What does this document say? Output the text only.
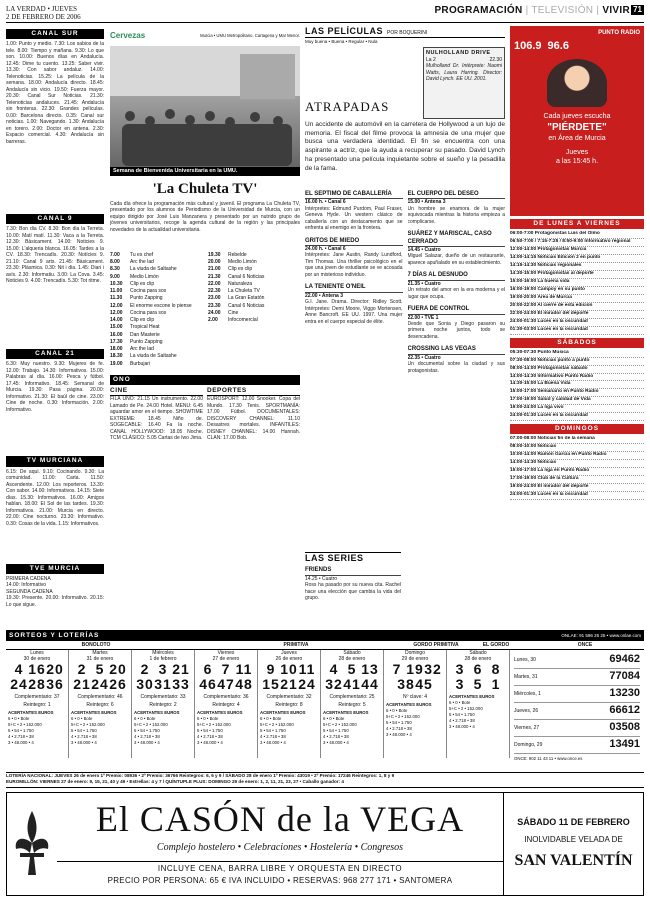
LA VERDAD • JUEVES
2 DE FEBRERO DE 2006
PROGRAMACIÓN | TELEVISIÓN | VIVIR 71
CANAL SUR
1.00: Punto y medio. 7.30: Los sabios de la tele. 8.00: Tiempo y mañana. 9.30: Lo que son. 10.00: Buenos días en Andalucía. 12.45: Dime tu cuento. 13.25: Saber vivir. 13.30: Con sabor andaluz. 14.00: Telenoticias. 15.25: La película de la semana. 18.00: Andalucía directo. 18.45: Andalucía sin vicio. 19.50: Fuerza mayor. 20.30: Canal Sur Noticias. 21.30: Telenoticias andaluces. 21.45: Andalucía sin fronteras. 22.30: Grandes películas. 0.00: Barcelona directo. 0.35: Canal sur noticias. 1.00: Navegando. 1.30: Andalucía en torero. 2.00: Doctor en antena. 2.30: Espacio comercial. 4.30: Andalucía sin barreras.
CANAL 9
7.30: Bon dia CV. 8.30: Bon dia la Terreta. 10.00: Matí matí. 11.30: Vaca a la Terreta. 12.30: Bàsicament. 14.00: Noticies 9. 15.00: L'alqueria blanca. 16.05: Tardes a la CV. 18.30: Trencadís. 20.30: Notícies 9. 21.10: Canal 9 arts. 21.45: Bàsicament. 23.30: Plàsmica. 0.30: Nit i dia. 1.45: Diari i avís. 2.30: Informatiu. 3.00: La Cova. 3.45: Noticies 9. 4.00: Trencadís. 5.30: Tot ritme.
CANAL 21
6.30: Muy nuestro. 9.30: Mujeres de fe. 12.00: Trabajo. 14.30: Informativos. 15.00: Palabras al día. 16.00: Pesca y fútbol. 17.45: Informativo. 18.45: Semanal de Murcia. 19.30: Pasa página. 20.00: Informativo. 21.30: El baúl de cine. 23.00: Cine de noche. 0.30: Información. 2.00: Informativo.
TV MURCIANA
6.15: De aquí. 9.10: Cocinando. 9.30: La comunidad. 11.00: Carta. 11.50: Ascendente. 12.00: Los reporteros. 13.30: Con sabor. 14.00: Informativos. 14.15: Siete días. 15.30: Informativos. 16.00: Amigos hablan. 18.00: El Sol de las tardes. 19.30: Informativos. 21.00: Murcia en directo. 22.00: Cine nocturno. 23.30: Informativo. 0.30: Cosas de la vida. 1.15: Informativos.
TVE MURCIA
PRIMERA CADENA
14.00: Informativo
SEGUNDA CADENA
19.30: Presente. 20.00: Informativo. 20.15: Lo que sigue.
Cervezas	Murcia • UMU Metropolitano. Cartagena y Mar Menor.
Semana de Bienvenida Universitaria en la UMU.
'La Chuleta TV'
Cada día ofrece la programación más cultural y juvenil. El programa La Chuleta TV, presentado por los alumnos de Periodismo de la Universidad de Murcia, con un equipo dirigido por José Luis Manzanera y presentado por un nutrido grupo de jóvenes universitarios, recoge la agenda cultural de la región y las principales novedades de la actualidad universitaria.
7.00	Tu es chef
8.00	Arc the lad
8.30	La viuda de Saltashe
9.00	Medio Limón
10.30	Clip es clip
11.00	Cocina para sos
11.30	Punto Zapping
12.00	El enorme escone lo piense
12.00	Cocina para sos
14.00	Clip es clip
15.00	Tropical Heat
16.00	Dan Masterie
17.30	Punto Zapping
18.00	Arc the lad
18.30	La viuda de Saltashe
19.00	Burbujari
19.30	Rebelde
20.00	Medio Limón
21.00	Clip es clip
21.30	Canal 6 Noticias
22.00	Naturaleza
22.30	La Chuleta TV
23.00	La Gran Estatón
23.30	Canal 6 Noticias
24.00	Cine
2.00	Infocomercial
ONO
CINE
FILA UNO: 21.15 Un instrumento. 22.00 Lamado de Pe. 24.00 Hotel. MENU: 6.45 aguardar amor en el tiempo. SHOWTIME EXTREME: 18.45 Niño de. SOGECABLE: 16.40 Fa la noche. CANAL HOLLYWOOD: 18.05 Noche. TCM CLÁSICO: 5.05 Cartas de Iwo Jima.
DEPORTES
EUROSPORT: 12.00 Snooker. Copa del Mundo. 17.30 Tenis. SPORTMANÍA: 17.00 Fútbol. DOCUMENTALES: DISCOVERY CHANNEL: 11.10 Desastres mortales. INFANTILES: DISNEY CHANNEL: 14.00 Hannah. CLAN: 17.00 Bob.
LAS PELÍCULAS POR BOQUERINI
Muy buena • Buena • Regular • Nula
ATRAPADAS
NULHOLLAND DRIVE
La 2	22.30
Mulholland Dr. Intérprete: Naomi Watts, Laura Harring. Director: David Lynch. EE UU. 2001.
Un accidente de automóvil en la carretera de Hollywood a un lujo de memoria. El fiscal del filme provoca la amnesia de una mujer que busca una verdadera identidad. El fin se encuentra con una aspirante a actriz, que la ayuda a recuperar su pasado. David Lynch ha presentado una película inquietante sobre el sueño y la pesadilla de la fama.
EL SEPTIMO DE CABALLERÍA
16.00 h. • Canal 6
Intérpretes: Edmund Purdom, Paul Fraser, Geneva Hyde. Un western clásico de caballería con un destacamento que se enfrenta al enemigo en la frontera.
GRITOS DE MIEDO
24.00 h. • Canal 6
Intérpretes: Jane Austin, Randy Lundford, Tim Thomas. Una thriller psicológico en el que una joven de estudiante se ve acosada por un misterioso individuo.
LA TENIENTE O'NEIL
22.00 • Antena 3
G.I. Jane. Drama. Director: Ridley Scott. Intérpretes: Demi Moore, Viggo Mortensen, Anne Bancroft. EE UU. 1997. Una mujer entra en el cuerpo especial de élite.
EL CUERPO DEL DESEO
15.00 • Antena 3
Un hombre se enamora de la mujer equivocada mientras la historia empieza a complicarse.
SUÁREZ Y MARISCAL, CASO CERRADO
14.45 • Cuatro
Miguel Salazar, dueño de un restaurante, aparece apuñalado en su establecimiento.
7 DÍAS AL DESNUDO
21.35 • Cuatro
Un retrato del amor en la era moderna y el lugar que ocupa.
FUERA DE CONTROL
22.00 • TVE 1
Desde que Sonia y Diego pasaron su primera noche juntos, todo se desencadena.
CROSSING LAS VEGAS
22.35 • Cuatro
Un documental sobre la ciudad y sus protagonistas.
LAS SERIES
FRIENDS
14.25 • Cuatro
Ross ha pasado por su nueva cita. Rachel hace una elección que cambia la vida del grupo.
PUNTO RADIO
106.9 96.6
Cada jueves escucha
"PIÉRDETE"
en Área de Murcia
Jueves
a las 15:45 h.
DE LUNES A VIERNES
06:00-7:00 Protagonistas Luis del Olmo
06:50-7:00 / 7:15-7:25 / 8:50-9:00 Informativo regional
12:00-14:00 Protagonistas Murcia
14:00-14:15 Noticias Edición 2 en punto
14:15-14:30 Noticias regionales
14:30-15:00 Protagonistas al deporte
15:00-16:00 La buena vida
16:00-19:00 Campoy en su punto
19:00-20:00 Área de Murcia
20:00-22:00 Al cierre de esta edición
22:00-24:00 El mirador del deporte
24:00-01:30 Luces en la oscuridad
01:30-03:00 Luces en la oscuridad
SÁBADOS
05:30-07:30 Punto Música
07:30-08:00 Noticias punto a punto
08:00-14:00 Protagonistas sábado
14:00-14:30 Informativo Punto Radio
14:30-15:00 La Buena Vida
15:00-17:00 Semanario en Punto Radio
17:00-19:00 Salud y calidad de Vida
19:00-24:00 La liga vivo
24:00-01:30 Luces en la oscuridad
DOMINGOS
07:00-08:00 Noticias fin de la semana
08:00-10:00 Noticias
10:00-14:00 Ramón García en Punto Radio
14:00-14:30 Noticias
15:00-17:00 La liga en Punto Radio
17:00-19:00 Club de la Cultura
19:00-24:00 El mirador del deporte
24:00-01:30 Luces en la oscuridad
SORTEOS Y LOTERÍAS	ONLAE: 91 596 25 25 • www.onlae.com
BONOLOTO	PRIMITIVA	GORDO PRIMITIVA	EL GORDO	ONCE
Lunes
30 de enero
4 1620
242836

Complementario: 37
Reintegro: 1
ACERTANTES EUROS
6 • 0 • Bote
5+C • 2 • 152.000
5 • 54 • 1.750
4 • 2.718 • 38
3 • 48.000 • 4
Martes
31 de enero
2 5 20
212426

Complementario: 46
Reintegro: 6
ACERTANTES EUROS
6 • 0 • Bote
5+C • 2 • 152.000
5 • 54 • 1.750
4 • 2.718 • 38
3 • 48.000 • 4
Miércoles
1 de febrero
2 3 21
303133

Complementario: 33
Reintegro: 2
ACERTANTES EUROS
6 • 0 • Bote
5+C • 2 • 152.000
5 • 54 • 1.750
4 • 2.718 • 38
3 • 48.000 • 4
Viernes
27 de enero
6 7 11
464748

Complementario: 36
Reintegro: 4
ACERTANTES EUROS
6 • 0 • Bote
5+C • 2 • 152.000
5 • 54 • 1.750
4 • 2.718 • 38
3 • 48.000 • 4
Jueves
26 de enero
9 1011
152124

Complementario: 32
Reintegro: 8
ACERTANTES EUROS
6 • 0 • Bote
5+C • 2 • 152.000
5 • 54 • 1.750
4 • 2.718 • 38
3 • 48.000 • 4
Sábado
28 de enero
4 5 13
324144

Complementario: 25
Reintegro: 5
ACERTANTES EUROS
6 • 0 • Bote
5+C • 2 • 152.000
5 • 54 • 1.750
4 • 2.718 • 38
3 • 48.000 • 4
Domingo
29 de enero
7 1932
3845
Nº clave: 4
ACERTANTES EUROS
6 • 0 • Bote
5+C • 2 • 152.000
5 • 54 • 1.750
4 • 2.718 • 38
3 • 48.000 • 4
Sábado
28 de enero
3 6 8
3 5 1

ACERTANTES EUROS
6 • 0 • Bote
5+C • 2 • 152.000
5 • 54 • 1.750
4 • 2.718 • 38
3 • 48.000 • 4
Lunes, 30	69462
Martes, 31	77084
Miércoles, 1	13230
Jueves, 26	66612
Viernes, 27	03508
Domingo, 29	13491
ONCE: 902 11 43 11 • www.once.es
LOTERÍA NACIONAL: JUEVES 26 de enero 1º Premio: 08936 • 2º Premio: 36766 Reintegros: 6, 6 y 9 / SÁBADO 28 de enero 1º Premio: 43019 • 2º Premio: 17246 Reintegros: 1, 8 y 9
EUROMILLÓN: VIERNES 27 de enero: 9, 15, 21, 40 y 49 • Estrellas: 4 y 7 / QUÍNTUPLE PLUS: DOMINGO 29 de enero: 1, 2, 11, 21, 23, 27 • Caballo ganador: 4
El CASÓN de la VEGA
Complejo hostelero • Celebraciones • Hostelería • Congresos
INCLUYE CENA, BARRA LIBRE Y ORQUESTA EN DIRECTO
PRECIO POR PERSONA: 65 € IVA INCLUIDO • RESERVAS: 968 277 171 • SANTOMERA
SÁBADO 11 DE FEBRERO
INOLVIDABLE VELADA DE
SAN VALENTÍN
